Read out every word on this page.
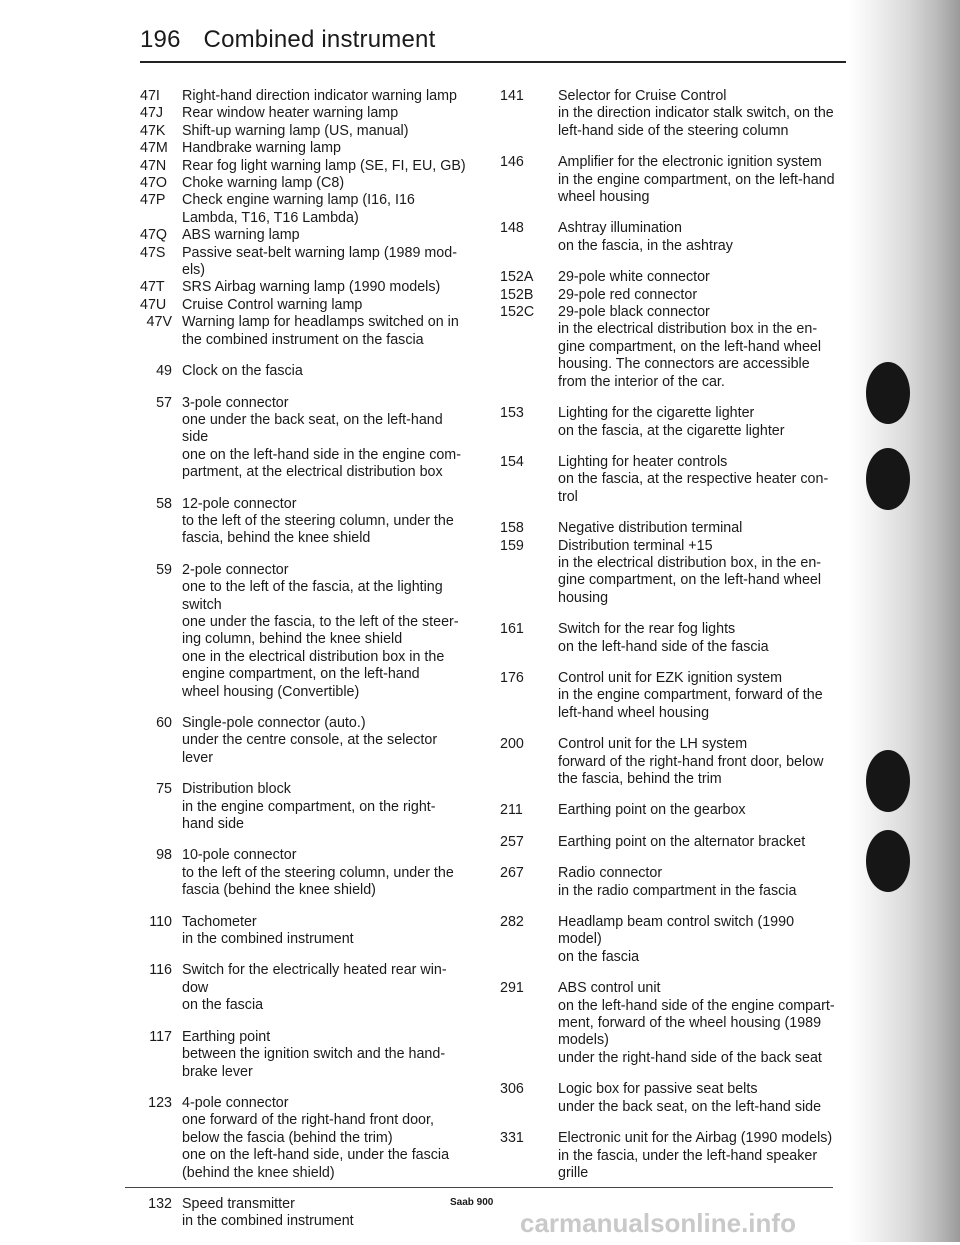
196 Combined instrument
47I	Right-hand direction indicator warning lamp
47J	Rear window heater warning lamp
47K	Shift-up warning lamp (US, manual)
47M Handbrake warning lamp
47N	Rear fog light warning lamp (SE, FI, EU, GB)
47O	Choke warning lamp (C8)
47P	Check engine warning lamp (I16, I16
Lambda, T16, T16 Lambda)
47Q	ABS warning lamp
47S	Passive seat-belt warning lamp (1989 mod-
els)
47T	SRS Airbag warning lamp (1990 models)
47U	Cruise Control warning lamp
47V Warning lamp for headlamps switched on in
the combined instrument on the fascia
49 Clock on the fascia
57 3-pole connector
one under the back seat, on the left-hand
side
one on the left-hand side in the engine com-
partment, at the electrical distribution box
58 12-pole connector
to the left of the steering column, under the
fascia, behind the knee shield
59 2-pole connector
one to the left of the fascia, at the lighting
switch
one under the fascia, to the left of the steer-
ing column, behind the knee shield
one in the electrical distribution box in the
engine compartment, on the left-hand
wheel housing (Convertible)
60 Single-pole connector (auto.)
under the centre console, at the selector
lever
75 Distribution block
in the engine compartment, on the right-
hand side
98 10-pole connector
to the left of the steering column, under the
fascia (behind the knee shield)
110 Tachometer
in the combined instrument
116 Switch for the electrically heated rear win-
dow
on the fascia
117 Earthing point
between the ignition switch and the hand-
brake lever
123 4-pole connector
one forward of the right-hand front door,
below the fascia (behind the trim)
one on the left-hand side, under the fascia
(behind the knee shield)
132 Speed transmitter
in the combined instrument
141	Selector for Cruise Control
in the direction indicator stalk switch, on the
left-hand side of the steering column
146	Amplifier for the electronic ignition system
in the engine compartment, on the left-hand
wheel housing
148	Ashtray illumination
on the fascia, in the ashtray
152A	29-pole white connector
152B	29-pole red connector
152C	29-pole black connector
in the electrical distribution box in the en-
gine compartment, on the left-hand wheel
housing. The connectors are accessible
from the interior of the car.
153	Lighting for the cigarette lighter
on the fascia, at the cigarette lighter
154	Lighting for heater controls
on the fascia, at the respective heater con-
trol
158	Negative distribution terminal
159	Distribution terminal +15
in the electrical distribution box, in the en-
gine compartment, on the left-hand wheel
housing
161	Switch for the rear fog lights
on the left-hand side of the fascia
176	Control unit for EZK ignition system
in the engine compartment, forward of the
left-hand wheel housing
200	Control unit for the LH system
forward of the right-hand front door, below
the fascia, behind the trim
211	Earthing point on the gearbox
257	Earthing point on the alternator bracket
267	Radio connector
in the radio compartment in the fascia
282	Headlamp beam control switch (1990
model)
on the fascia
291	ABS control unit
on the left-hand side of the engine compart-
ment, forward of the wheel housing (1989
models)
under the right-hand side of the back seat
306	Logic box for passive seat belts
under the back seat, on the left-hand side
331	Electronic unit for the Airbag (1990 models)
in the fascia, under the left-hand speaker
grille
Saab 900
carmanualsonline.info
